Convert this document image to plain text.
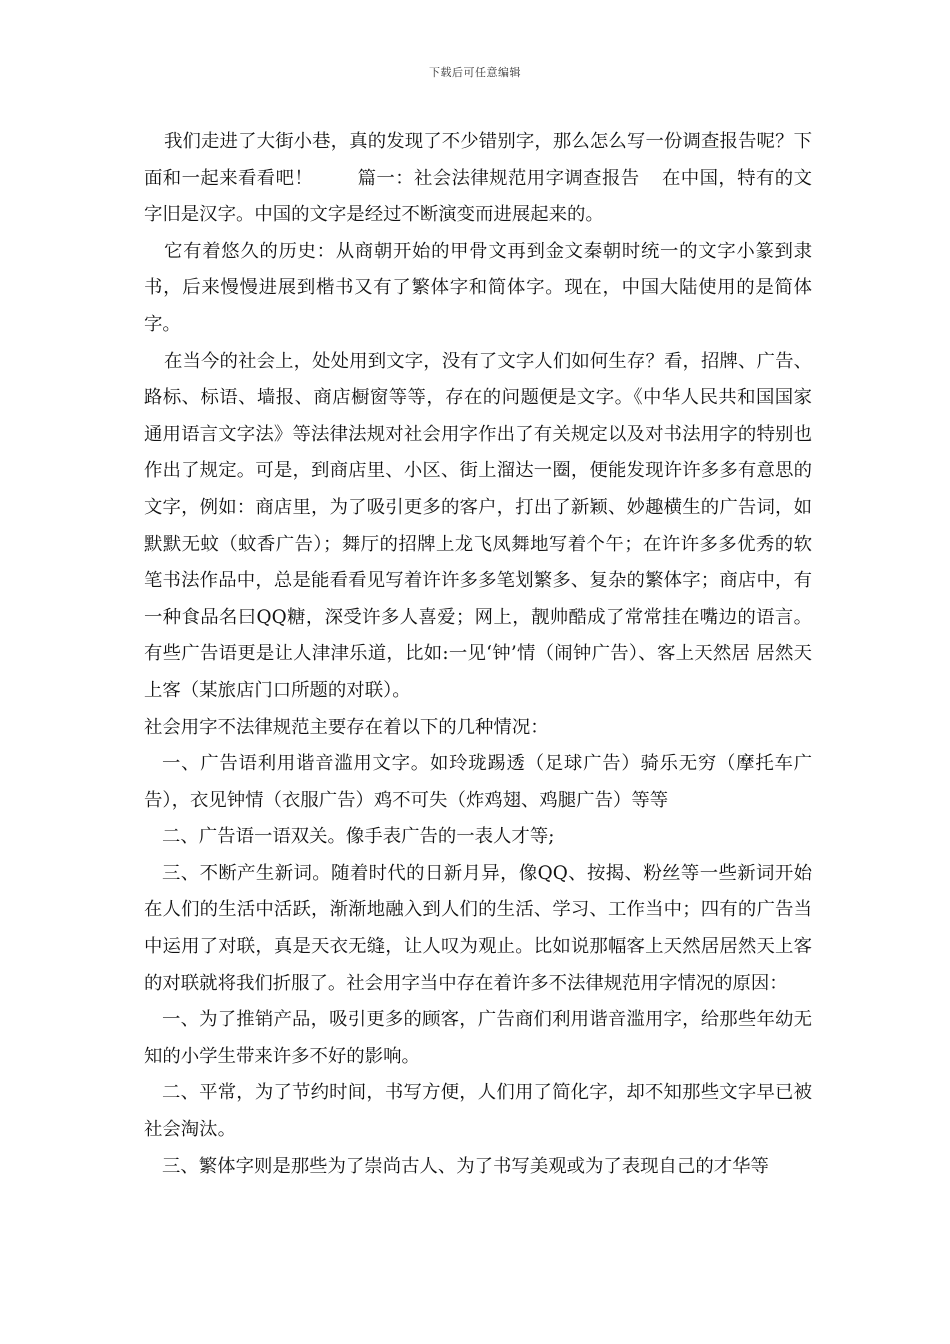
下载后可任意编辑

我们走进了大街小巷，真的发现了不少错别字，那么怎么写一份调查报告呢？下面和一起来看看吧！ 篇一：社会法律规范用字调查报告 在中国，特有的文字旧是汉字。中国的文字是经过不断演变而进展起来的。

它有着悠久的历史：从商朝开始的甲骨文再到金文秦朝时统一的文字小篆到隶书，后来慢慢进展到楷书又有了繁体字和简体字。现在，中国大陆使用的是简体字。

在当今的社会上，处处用到文字，没有了文字人们如何生存？看，招牌、广告、路标、标语、墙报、商店橱窗等等，存在的问题便是文字。《中华人民共和国国家通用语言文字法》等法律法规对社会用字作出了有关规定以及对书法用字的特别也作出了规定。可是，到商店里、小区、街上溜达一圈，便能发现许许多多有意思的文字，例如：商店里，为了吸引更多的客户，打出了新颖、妙趣横生的广告词，如默默无蚊（蚊香广告）；舞厅的招牌上龙飞凤舞地写着个午；在许许多多优秀的软笔书法作品中，总是能看看见写着许许多多笔划繁多、复杂的繁体字；商店中，有一种食品名曰QQ糖，深受许多人喜爱；网上，靓帅酷成了常常挂在嘴边的语言。有些广告语更是让人津津乐道，比如:一见‘钟’情（闹钟广告）、客上天然居 居然天上客（某旅店门口所题的对联）。

社会用字不法律规范主要存在着以下的几种情况：

一、广告语利用谐音滥用文字。如玲珑踢透（足球广告）骑乐无穷（摩托车广告），衣见钟情（衣服广告）鸡不可失（炸鸡翅、鸡腿广告）等等

二、广告语一语双关。像手表广告的一表人才等;

三、不断产生新词。随着时代的日新月异，像QQ、按揭、粉丝等一些新词开始在人们的生活中活跃，渐渐地融入到人们的生活、学习、工作当中；四有的广告当中运用了对联，真是天衣无缝，让人叹为观止。比如说那幅客上天然居居然天上客的对联就将我们折服了。社会用字当中存在着许多不法律规范用字情况的原因：

一、为了推销产品，吸引更多的顾客，广告商们利用谐音滥用字，给那些年幼无知的小学生带来许多不好的影响。

二、平常，为了节约时间，书写方便，人们用了简化字，却不知那些文字早已被社会淘汰。

三、繁体字则是那些为了崇尚古人、为了书写美观或为了表现自己的才华等
